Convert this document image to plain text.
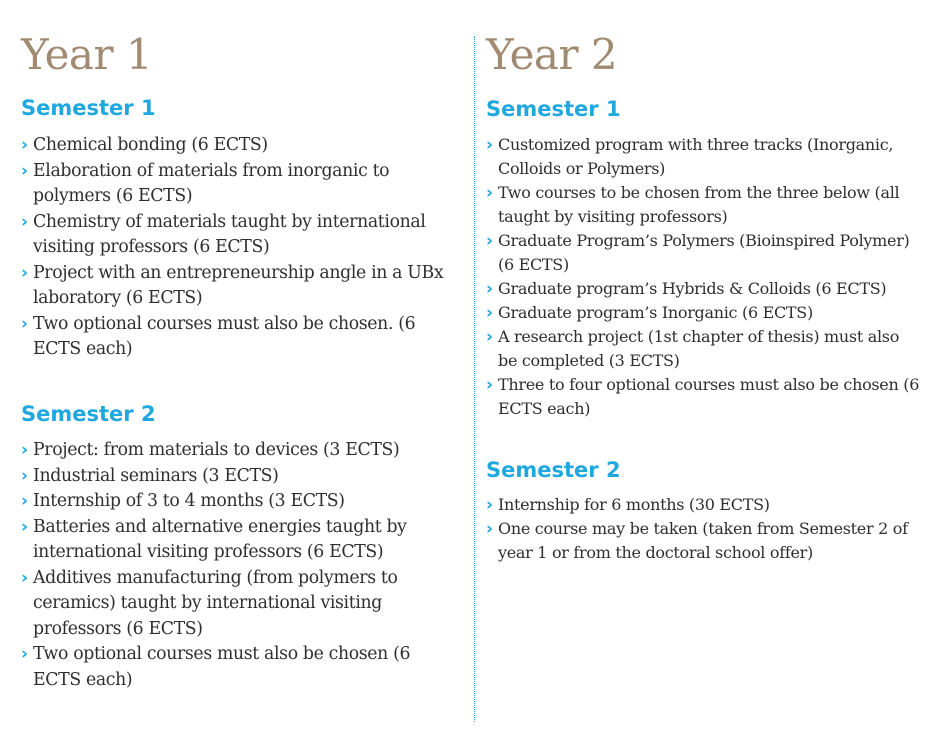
Year 1
Semester 1
› Chemical bonding (6 ECTS)
› Elaboration of materials from inorganic to polymers (6 ECTS)
› Chemistry of materials taught by international visiting professors (6 ECTS)
› Project with an entrepreneurship angle in a UBx laboratory (6 ECTS)
› Two optional courses must also be chosen. (6 ECTS each)
Semester 2
› Project: from materials to devices (3 ECTS)
› Industrial seminars (3 ECTS)
› Internship of 3 to 4 months (3 ECTS)
› Batteries and alternative energies taught by international visiting professors (6 ECTS)
› Additives manufacturing (from polymers to ceramics) taught by international visiting professors (6 ECTS)
› Two optional courses must also be chosen (6 ECTS each)
Year 2
Semester 1
› Customized program with three tracks (Inorganic, Colloids or Polymers)
› Two courses to be chosen from the three below (all taught by visiting professors)
› Graduate Program’s Polymers (Bioinspired Polymer) (6 ECTS)
› Graduate program’s Hybrids & Colloids (6 ECTS)
› Graduate program’s Inorganic (6 ECTS)
› A research project (1st chapter of thesis) must also be completed (3 ECTS)
› Three to four optional courses must also be chosen (6 ECTS each)
Semester 2
› Internship for 6 months (30 ECTS)
› One course may be taken (taken from Semester 2 of year 1 or from the doctoral school offer)
